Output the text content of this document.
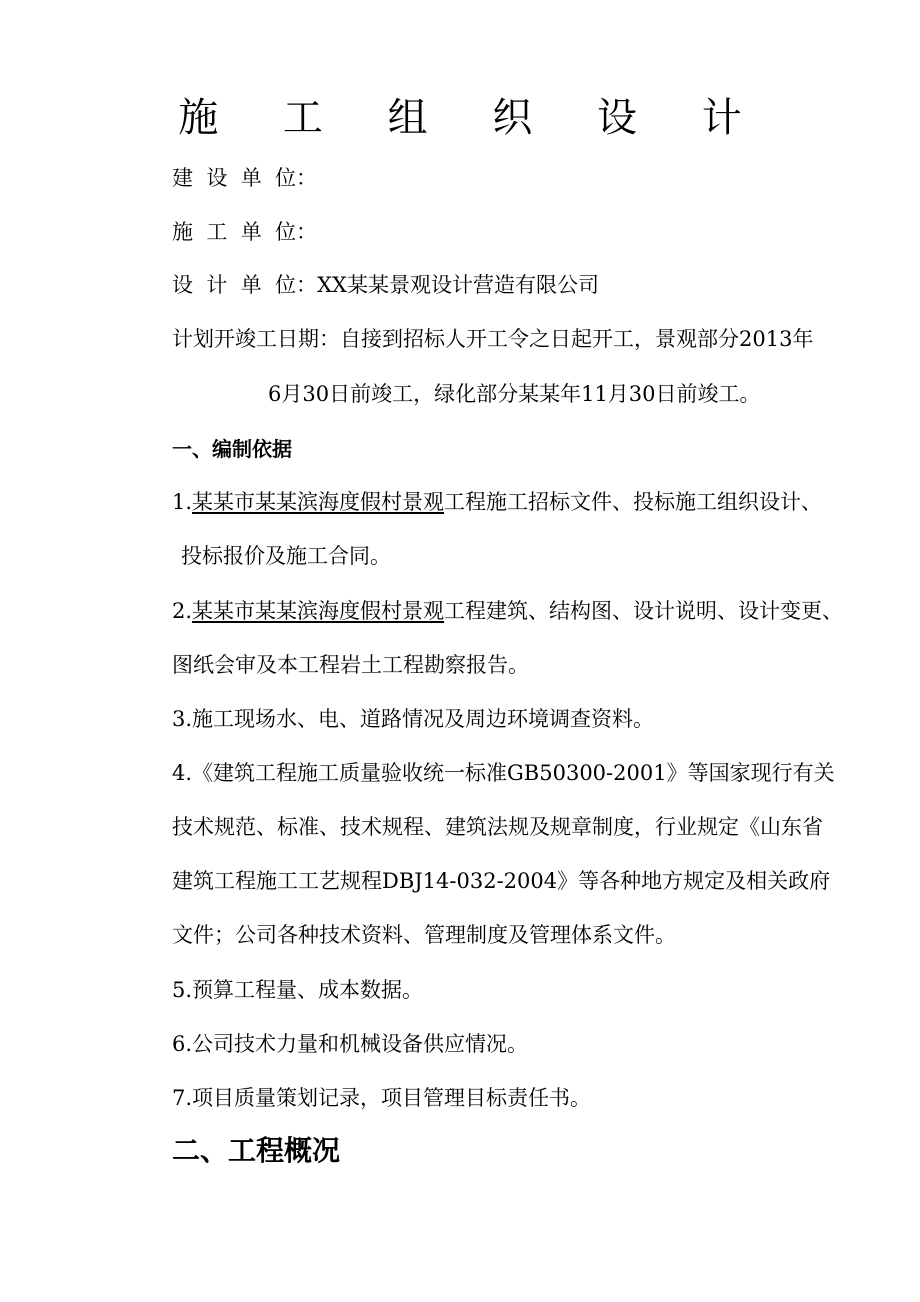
施 工 组 织 设 计
建  设  单  位：
施  工  单  位：
设  计  单  位：XX某某景观设计营造有限公司
计划开竣工日期：自接到招标人开工令之日起开工，景观部分2013年
6月30日前竣工，绿化部分某某年11月30日前竣工。
一、编制依据
1.某某市某某滨海度假村景观工程施工招标文件、投标施工组织设计、
投标报价及施工合同。
2.某某市某某滨海度假村景观工程建筑、结构图、设计说明、设计变更、
图纸会审及本工程岩土工程勘察报告。
3.施工现场水、电、道路情况及周边环境调查资料。
4.《建筑工程施工质量验收统一标准GB50300-2001》等国家现行有关
技术规范、标准、技术规程、建筑法规及规章制度，行业规定《山东省
建筑工程施工工艺规程DBJ14-032-2004》等各种地方规定及相关政府
文件；公司各种技术资料、管理制度及管理体系文件。
5.预算工程量、成本数据。
6.公司技术力量和机械设备供应情况。
7.项目质量策划记录，项目管理目标责任书。
二、工程概况
